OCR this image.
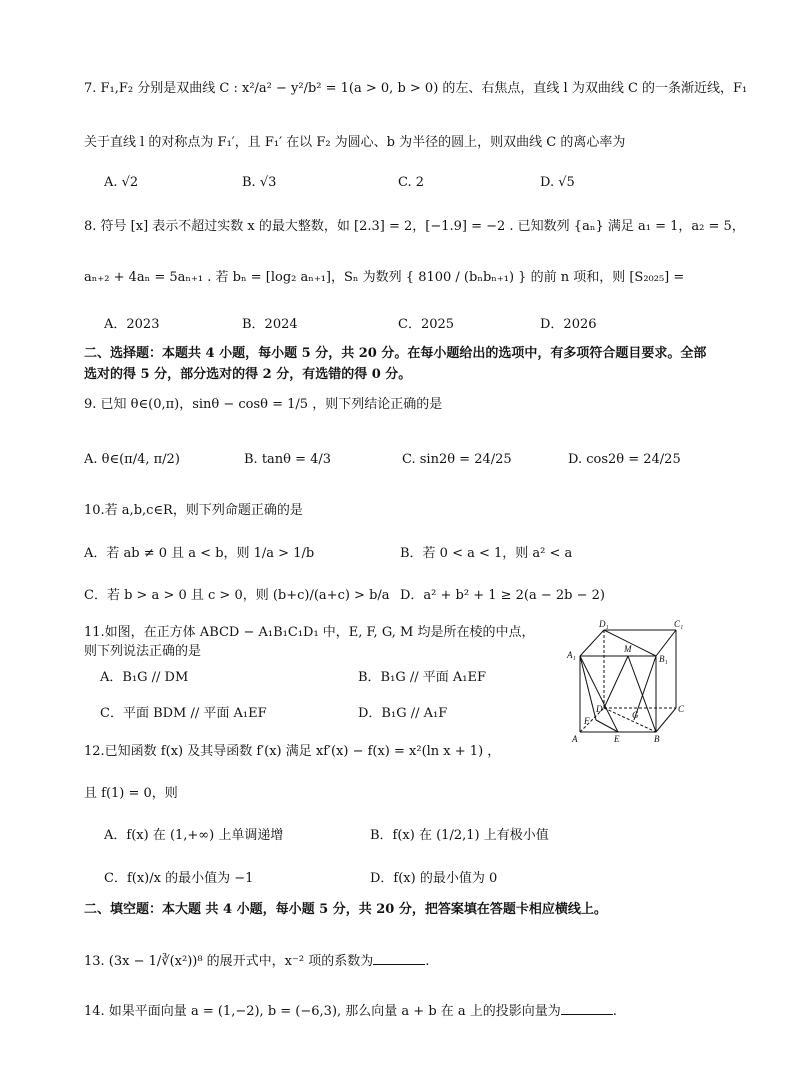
7. F₁,F₂ 分别是双曲线 C : x²/a² − y²/b² = 1(a > 0, b > 0) 的左、右焦点，直线 l 为双曲线 C 的一条渐近线，F₁
关于直线 l 的对称点为 F₁′，且 F₁′ 在以 F₂ 为圆心、b 为半径的圆上，则双曲线 C 的离心率为
A. √2	B. √3	C. 2	D. √5
8. 符号 [x] 表示不超过实数 x 的最大整数，如 [2.3] = 2，[−1.9] = −2 . 已知数列 {aₙ} 满足 a₁ = 1，a₂ = 5，
aₙ₊₂ + 4aₙ = 5aₙ₊₁ . 若 bₙ = [log₂ aₙ₊₁]，Sₙ 为数列 { 8100 / (bₙbₙ₊₁) } 的前 n 项和，则 [S₂₀₂₅] =
A．2023	B．2024	C．2025	D．2026
二、选择题：本题共 4 小题，每小题 5 分，共 20 分。在每小题给出的选项中，有多项符合题目要求。全部
选对的得 5 分，部分选对的得 2 分，有选错的得 0 分。
9. 已知 θ∈(0,π)，sinθ − cosθ = 1/5 ，则下列结论正确的是
A. θ∈(π/4, π/2)	B. tanθ = 4/3	C. sin2θ = 24/25	D. cos2θ = 24/25
10.若 a,b,c∈R，则下列命题正确的是
A．若 ab ≠ 0 且 a < b，则 1/a > 1/b	B．若 0 < a < 1，则 a² < a
C．若 b > a > 0 且 c > 0，则 (b+c)/(a+c) > b/a D．a² + b² + 1 ≥ 2(a − 2b − 2)
11.如图，在正方体 ABCD − A₁B₁C₁D₁ 中，E, F, G, M 均是所在棱的中点，
则下列说法正确的是
A．B₁G // DM	B．B₁G // 平面 A₁EF
C．平面 BDM // 平面 A₁EF	D．B₁G // A₁F
D₁	C₁
A₁
M
B₁
D	C
G
F
A	E	B
12.已知函数 f(x) 及其导函数 f′(x) 满足 xf′(x) − f(x) = x²(ln x + 1) ，
且 f(1) = 0，则
A．f(x) 在 (1,+∞) 上单调递增	B．f(x) 在 (1/2,1) 上有极小值
C．f(x)/x 的最小值为 −1	D．f(x) 的最小值为 0
二、填空题：本大题 共 4 小题，每小题 5 分，共 20 分，把答案填在答题卡相应横线上。
13. (3x − 1/∛(x²))⁸ 的展开式中，x⁻² 项的系数为	.
14. 如果平面向量 a = (1,−2), b = (−6,3), 那么向量 a + b 在 a 上的投影向量为	.
